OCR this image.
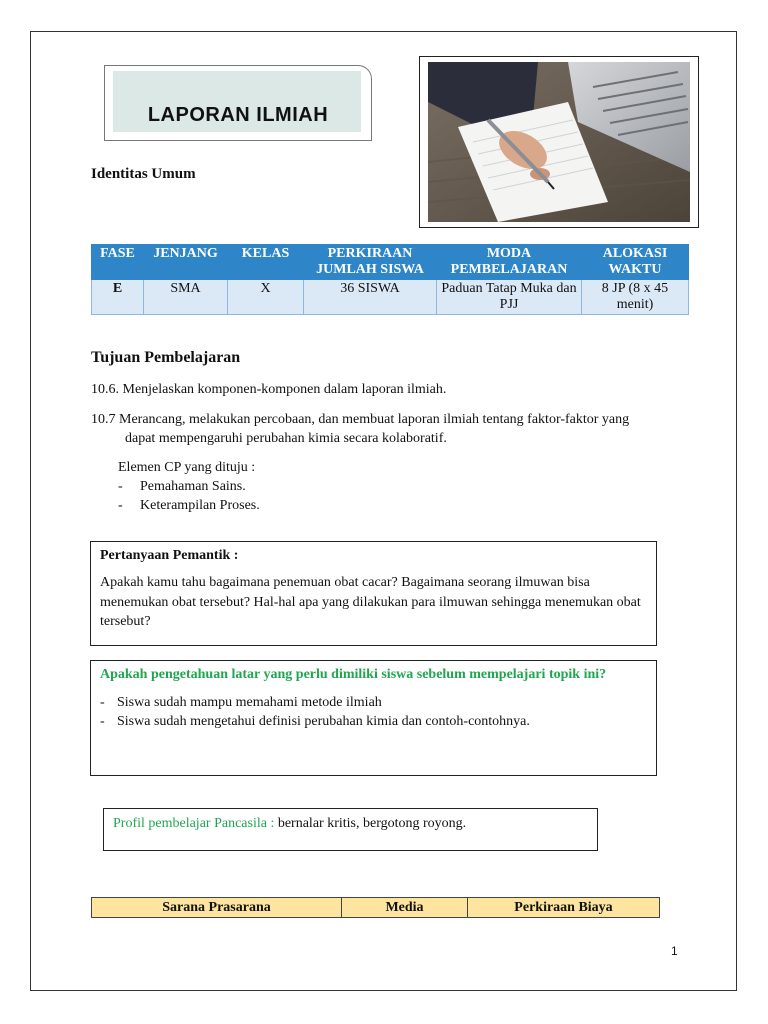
LAPORAN ILMIAH
Identitas Umum
FASE	JENJANG	KELAS	PERKIRAAN JUMLAH SISWA	MODA PEMBELAJARAN	ALOKASI WAKTU
E	SMA	X	36 SISWA	Paduan Tatap Muka dan PJJ	8 JP (8 x 45 menit)
Tujuan Pembelajaran
10.6. Menjelaskan komponen-komponen dalam laporan ilmiah.
10.7 Merancang, melakukan percobaan, dan membuat laporan ilmiah tentang faktor-faktor yang
dapat mempengaruhi perubahan kimia secara kolaboratif.
Elemen CP yang dituju :
- Pemahaman Sains.
- Keterampilan Proses.
Pertanyaan Pemantik :
Apakah kamu tahu bagaimana penemuan obat cacar? Bagaimana seorang ilmuwan bisa menemukan obat tersebut? Hal-hal apa yang dilakukan para ilmuwan sehingga menemukan obat tersebut?
Apakah pengetahuan latar yang perlu dimiliki siswa sebelum mempelajari topik ini?
- Siswa sudah mampu memahami metode ilmiah
- Siswa sudah mengetahui definisi perubahan kimia dan contoh-contohnya.
Profil pembelajar Pancasila : bernalar kritis, bergotong royong.
Sarana Prasarana	Media	Perkiraan Biaya
1
